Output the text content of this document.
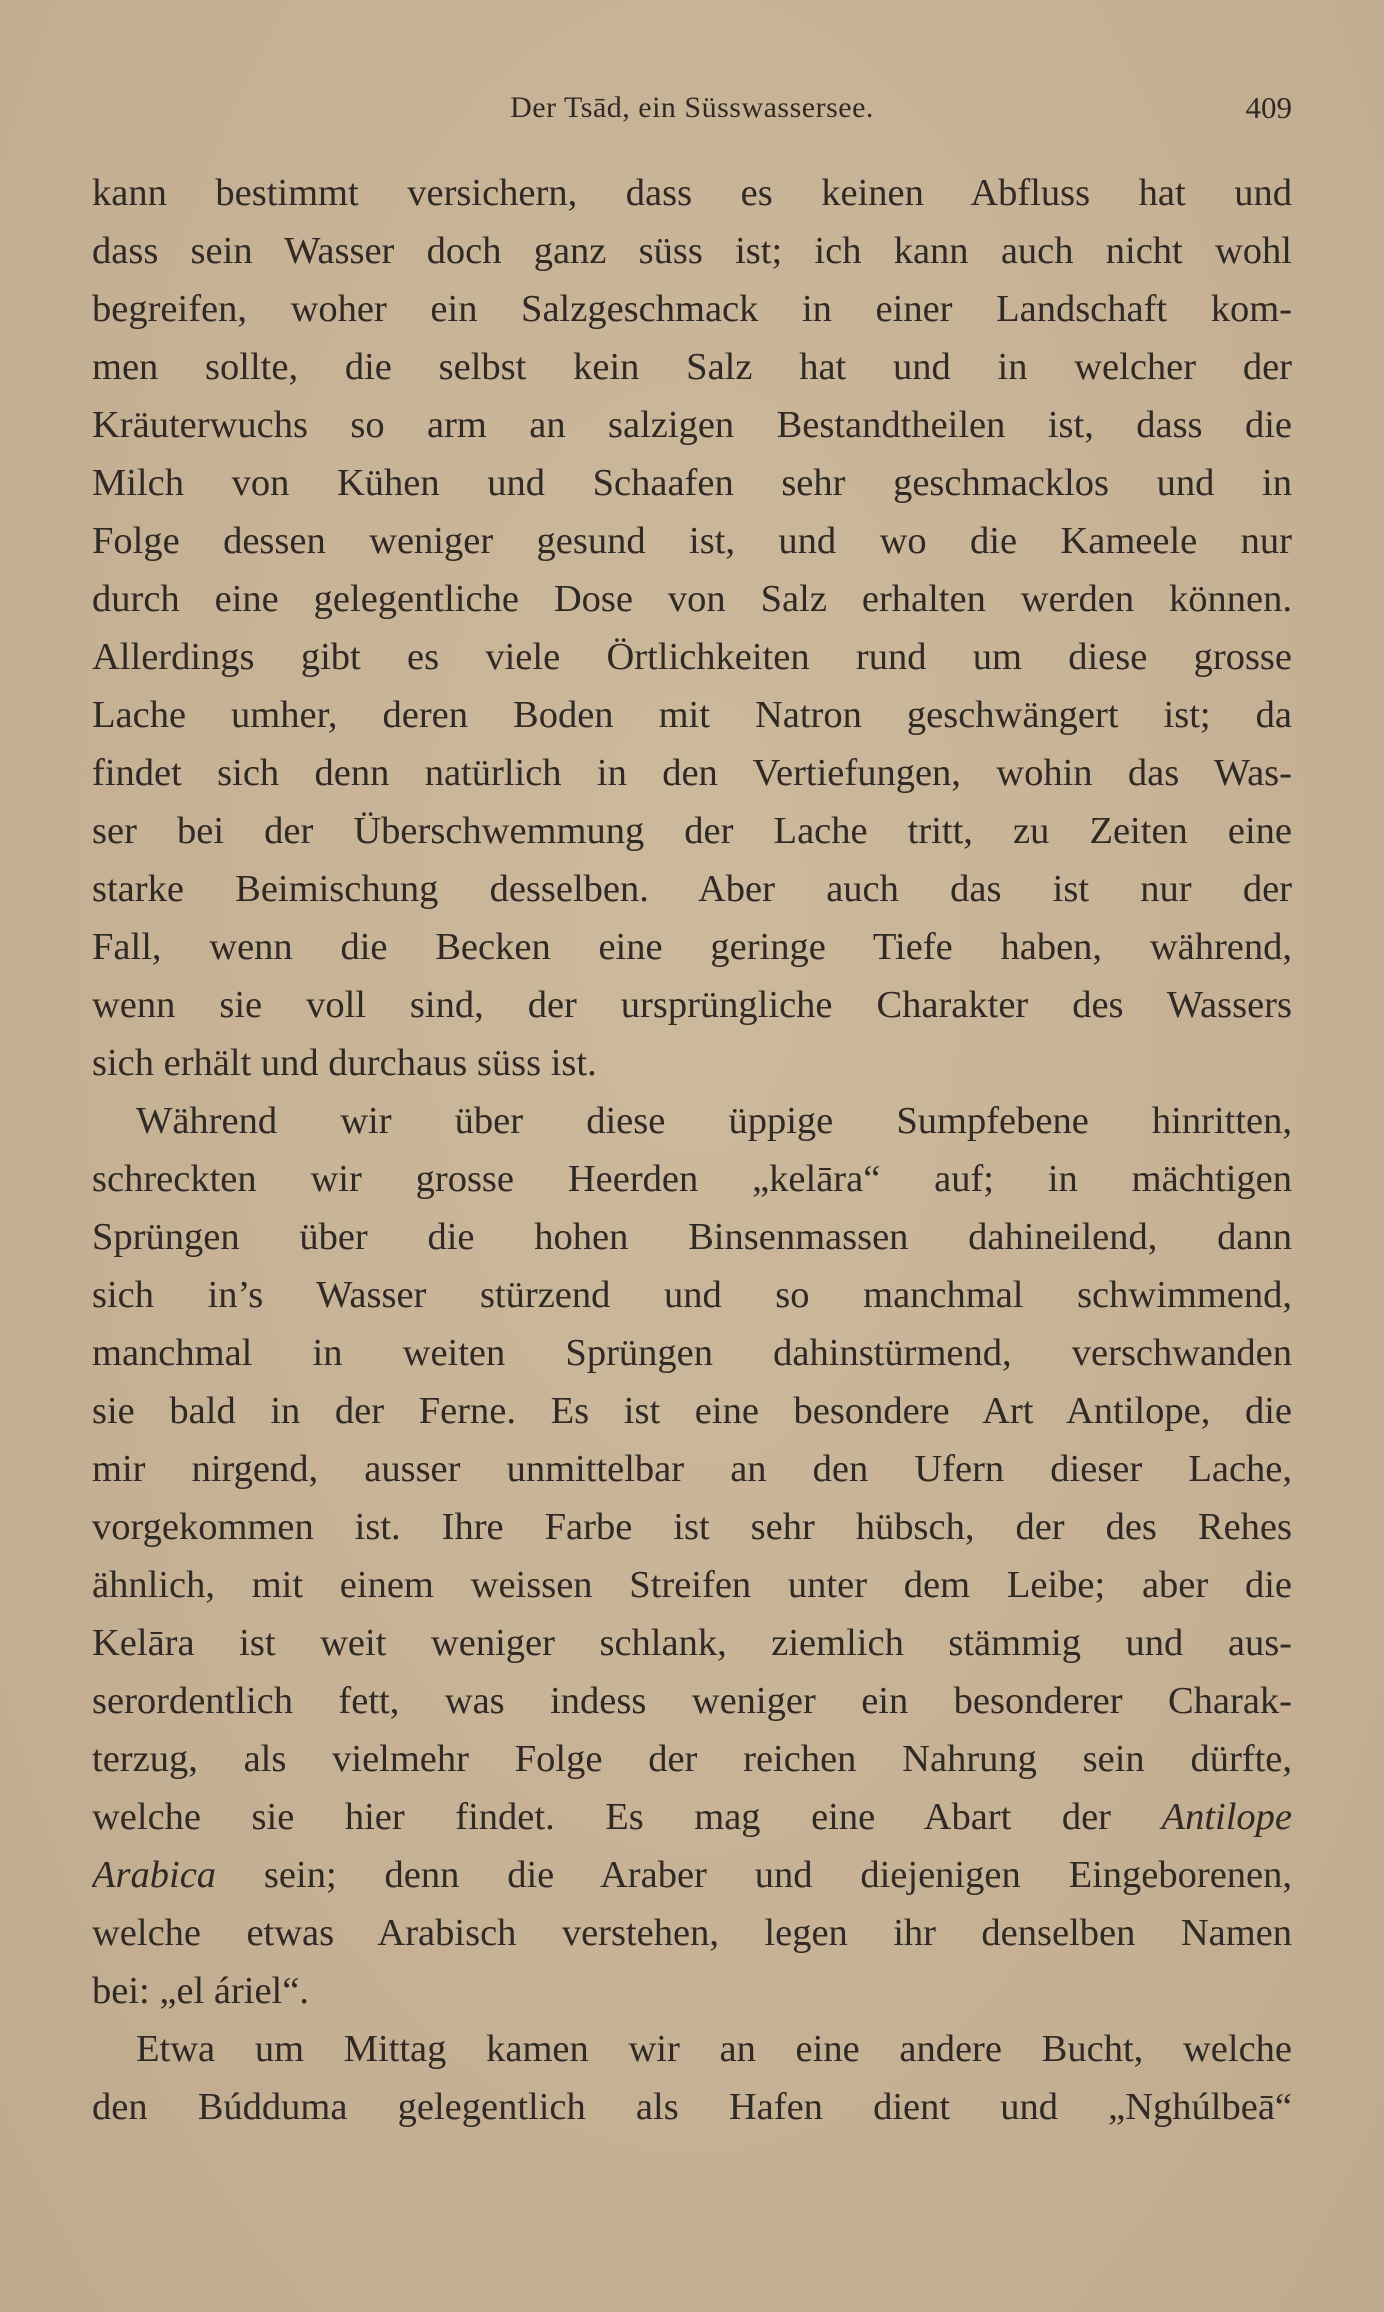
Der Tsād, ein Süsswassersee.	409
kann bestimmt versichern, dass es keinen Abfluss hat und
dass sein Wasser doch ganz süss ist; ich kann auch nicht wohl
begreifen, woher ein Salzgeschmack in einer Landschaft kom-
men sollte, die selbst kein Salz hat und in welcher der
Kräuterwuchs so arm an salzigen Bestandtheilen ist, dass die
Milch von Kühen und Schaafen sehr geschmacklos und in
Folge dessen weniger gesund ist, und wo die Kameele nur
durch eine gelegentliche Dose von Salz erhalten werden können.
Allerdings gibt es viele Örtlichkeiten rund um diese grosse
Lache umher, deren Boden mit Natron geschwängert ist; da
findet sich denn natürlich in den Vertiefungen, wohin das Was-
ser bei der Überschwemmung der Lache tritt, zu Zeiten eine
starke Beimischung desselben. Aber auch das ist nur der
Fall, wenn die Becken eine geringe Tiefe haben, während,
wenn sie voll sind, der ursprüngliche Charakter des Wassers
sich erhält und durchaus süss ist.
Während wir über diese üppige Sumpfebene hinritten,
schreckten wir grosse Heerden „kelāra“ auf; in mächtigen
Sprüngen über die hohen Binsenmassen dahineilend, dann
sich in’s Wasser stürzend und so manchmal schwimmend,
manchmal in weiten Sprüngen dahinstürmend, verschwanden
sie bald in der Ferne. Es ist eine besondere Art Antilope, die
mir nirgend, ausser unmittelbar an den Ufern dieser Lache,
vorgekommen ist. Ihre Farbe ist sehr hübsch, der des Rehes
ähnlich, mit einem weissen Streifen unter dem Leibe; aber die
Kelāra ist weit weniger schlank, ziemlich stämmig und aus-
serordentlich fett, was indess weniger ein besonderer Charak-
terzug, als vielmehr Folge der reichen Nahrung sein dürfte,
welche sie hier findet. Es mag eine Abart der Antilope
Arabica sein; denn die Araber und diejenigen Eingeborenen,
welche etwas Arabisch verstehen, legen ihr denselben Namen
bei: „el áriel“.
Etwa um Mittag kamen wir an eine andere Bucht, welche
den Búdduma gelegentlich als Hafen dient und „Nghúlbeā“
